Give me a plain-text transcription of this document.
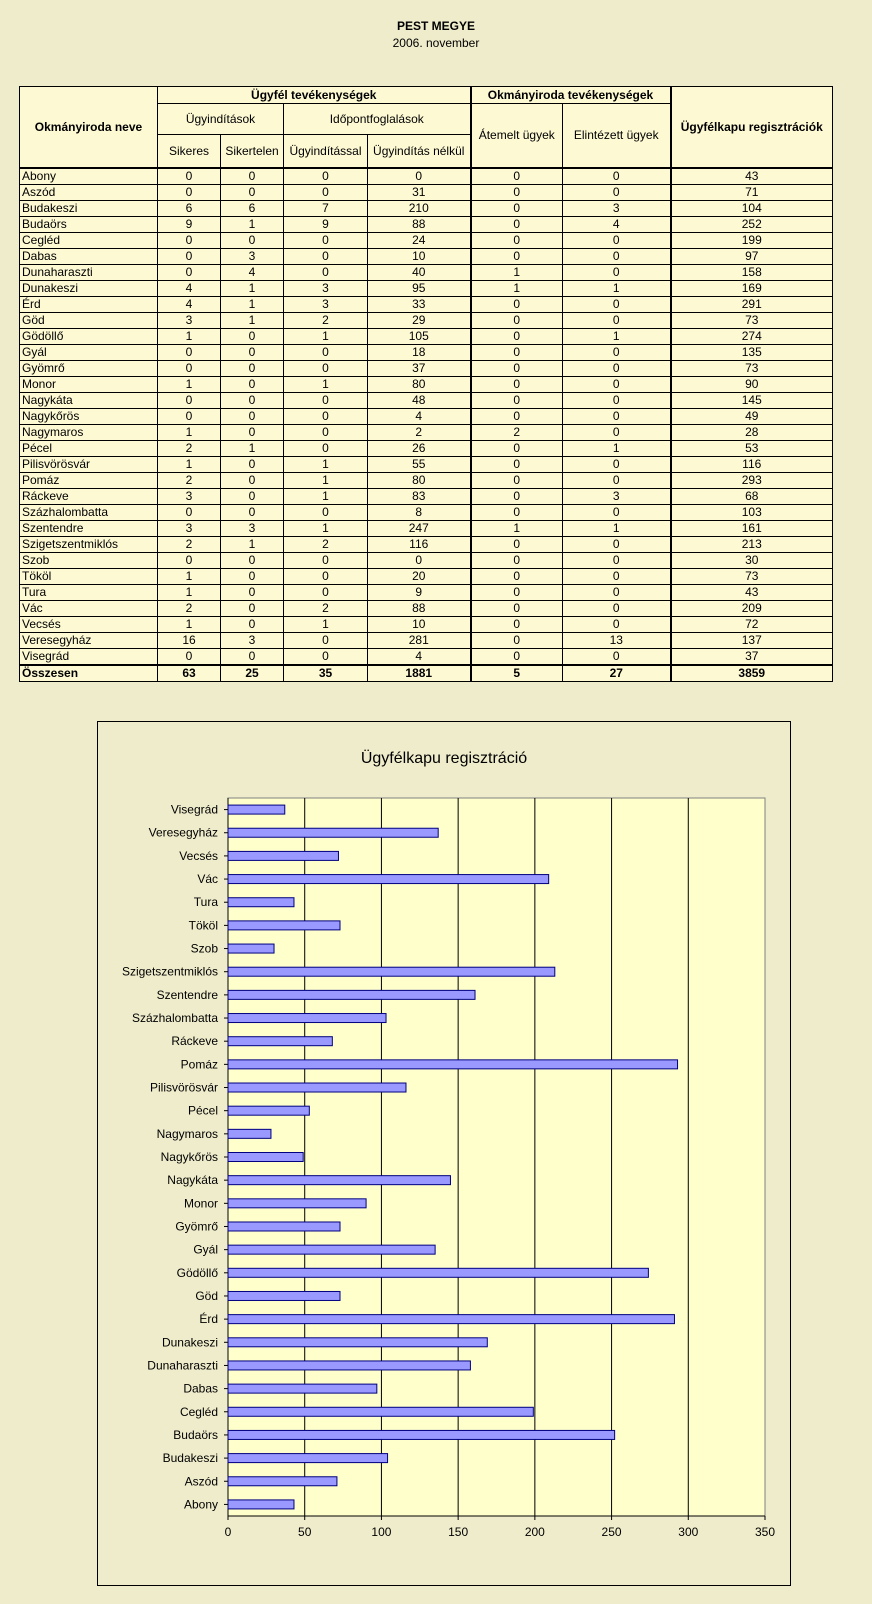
PEST MEGYE
2006. november
Okmányiroda neve	Ügyfél tevékenységek				Okmányiroda tevékenységek		Ügyfélkapu regisztrációk
	Ügyindítások		Időpontfoglalások		Átemelt ügyek	Elintézett ügyek	
	Sikeres	Sikertelen	Ügyindítással	Ügyindítás nélkül			
Abony	0	0	0	0	0	0	43
Aszód	0	0	0	31	0	0	71
Budakeszi	6	6	7	210	0	3	104
Budaörs	9	1	9	88	0	4	252
Cegléd	0	0	0	24	0	0	199
Dabas	0	3	0	10	0	0	97
Dunaharaszti	0	4	0	40	1	0	158
Dunakeszi	4	1	3	95	1	1	169
Érd	4	1	3	33	0	0	291
Göd	3	1	2	29	0	0	73
Gödöllő	1	0	1	105	0	1	274
Gyál	0	0	0	18	0	0	135
Gyömrő	0	0	0	37	0	0	73
Monor	1	0	1	80	0	0	90
Nagykáta	0	0	0	48	0	0	145
Nagykőrös	0	0	0	4	0	0	49
Nagymaros	1	0	0	2	2	0	28
Pécel	2	1	0	26	0	1	53
Pilisvörösvár	1	0	1	55	0	0	116
Pomáz	2	0	1	80	0	0	293
Ráckeve	3	0	1	83	0	3	68
Százhalombatta	0	0	0	8	0	0	103
Szentendre	3	3	1	247	1	1	161
Szigetszentmiklós	2	1	2	116	0	0	213
Szob	0	0	0	0	0	0	30
Tököl	1	0	0	20	0	0	73
Tura	1	0	0	9	0	0	43
Vác	2	0	2	88	0	0	209
Vecsés	1	0	1	10	0	0	72
Veresegyház	16	3	0	281	0	13	137
Visegrád	0	0	0	4	0	0	37
Összesen	63	25	35	1881	5	27	3859
Ügyfélkapu regisztráció
0	50	100	150	200	250	300	350
Abony
Aszód
Budakeszi
Budaörs
Cegléd
Dabas
Dunaharaszti
Dunakeszi
Érd
Göd
Gödöllő
Gyál
Gyömrő
Monor
Nagykáta
Nagykőrös
Nagymaros
Pécel
Pilisvörösvár
Pomáz
Ráckeve
Százhalombatta
Szentendre
Szigetszentmiklós
Szob
Tököl
Tura
Vác
Vecsés
Veresegyház
Visegrád
